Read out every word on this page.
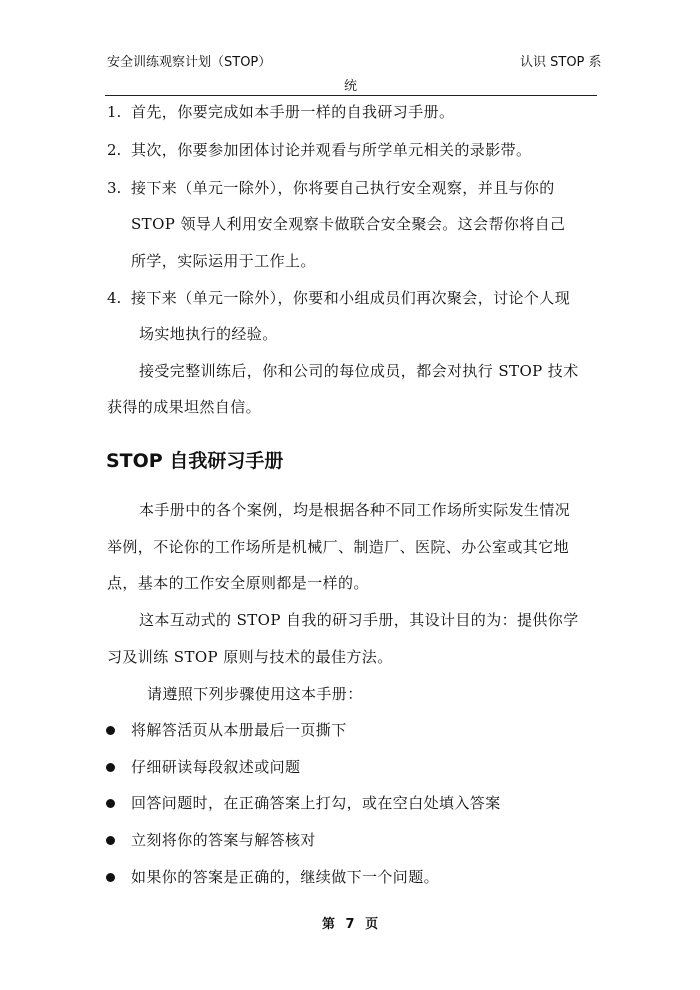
安全训练观察计划（STOP）	认识 STOP 系
统
1. 首先，你要完成如本手册一样的自我研习手册。
2. 其次，你要参加团体讨论并观看与所学单元相关的录影带。
3. 接下来（单元一除外），你将要自己执行安全观察，并且与你的
STOP 领导人利用安全观察卡做联合安全聚会。这会帮你将自己
所学，实际运用于工作上。
4. 接下来（单元一除外），你要和小组成员们再次聚会，讨论个人现
场实地执行的经验。
接受完整训练后，你和公司的每位成员，都会对执行 STOP 技术
获得的成果坦然自信。
STOP 自我研习手册
本手册中的各个案例，均是根据各种不同工作场所实际发生情况
举例，不论你的工作场所是机械厂、制造厂、医院、办公室或其它地
点，基本的工作安全原则都是一样的。
这本互动式的 STOP 自我的研习手册，其设计目的为：提供你学
习及训练 STOP 原则与技术的最佳方法。
请遵照下列步骤使用这本手册：
将解答活页从本册最后一页撕下
仔细研读每段叙述或问题
回答问题时，在正确答案上打勾，或在空白处填入答案
立刻将你的答案与解答核对
如果你的答案是正确的，继续做下一个问题。
第 7 页
